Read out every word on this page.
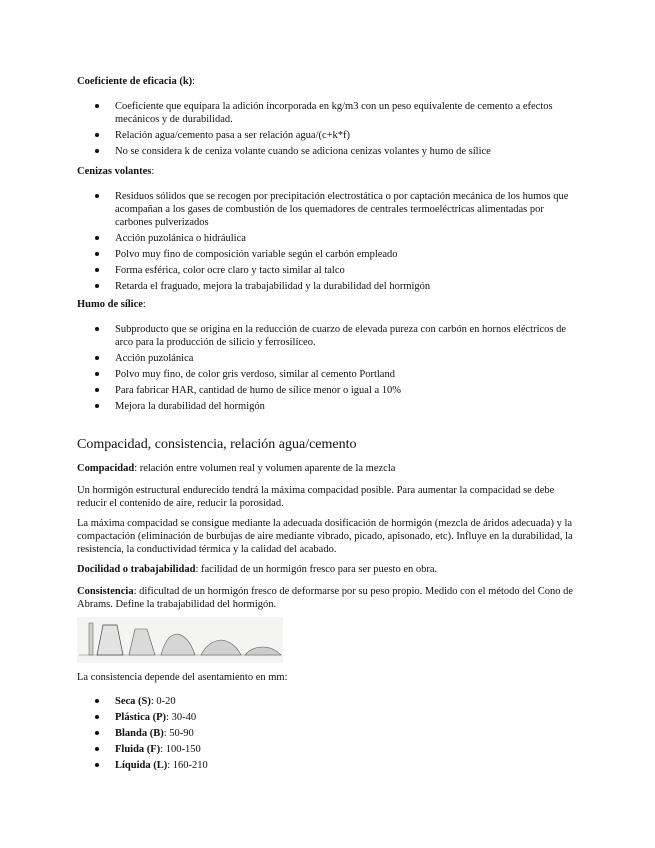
Coeficiente de eficacia (k):

Coeficiente que equipara la adición incorporada en kg/m3 con un peso equivalente de cemento a efectos mecánicos y de durabilidad.
Relación agua/cemento pasa a ser relación agua/(c+k*f)
No se considera k de ceniza volante cuando se adiciona cenizas volantes y humo de sílice

Cenizas volantes:

Residuos sólidos que se recogen por precipitación electrostática o por captación mecánica de los humos que acompañan a los gases de combustión de los quemadores de centrales termoeléctricas alimentadas por carbones pulverizados
Acción puzolánica o hidráulica
Polvo muy fino de composición variable según el carbón empleado
Forma esférica, color ocre claro y tacto similar al talco
Retarda el fraguado, mejora la trabajabilidad y la durabilidad del hormigón

Humo de sílice:

Subproducto que se origina en la reducción de cuarzo de elevada pureza con carbón en hornos eléctricos de arco para la producción de silicio y ferrosilíceo.
Acción puzolánica
Polvo muy fino, de color gris verdoso, similar al cemento Portland
Para fabricar HAR, cantidad de humo de sílice menor o igual a 10%
Mejora la durabilidad del hormigón
Compacidad, consistencia, relación agua/cemento
Compacidad: relación entre volumen real y volumen aparente de la mezcla
Un hormigón estructural endurecido tendrá la máxima compacidad posible. Para aumentar la compacidad se debe reducir el contenido de aire, reducir la porosidad.
La máxima compacidad se consigue mediante la adecuada dosificación de hormigón (mezcla de áridos adecuada) y la compactación (eliminación de burbujas de aire mediante vibrado, picado, apisonado, etc). Influye en la durabilidad, la resistencia, la conductividad térmica y la calidad del acabado.
Docilidad o trabajabilidad: facilidad de un hormigón fresco para ser puesto en obra.
Consistencia: dificultad de un hormigón fresco de deformarse por su peso propio. Medido con el método del Cono de Abrams. Define la trabajabilidad del hormigón.
La consistencia depende del asentamiento en mm:
Seca (S): 0-20
Plástica (P): 30-40
Blanda (B): 50-90
Fluida (F): 100-150
Líquida (L): 160-210
